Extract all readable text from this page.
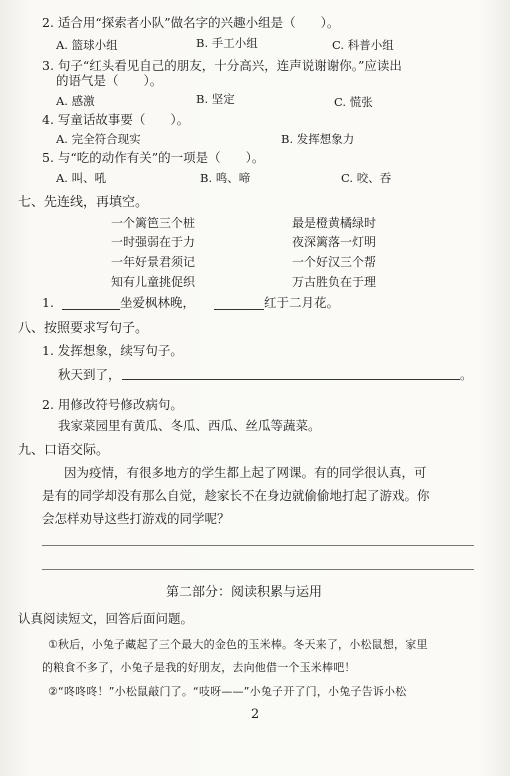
2. 适合用“探索者小队”做名字的兴趣小组是（　　）。
A. 篮球小组	B. 手工小组	C. 科普小组
3. 句子“红头看见自己的朋友，十分高兴，连声说谢谢你。”应读出
的语气是（　　）。
A. 感激	B. 坚定	C. 慌张
4. 写童话故事要（　　）。
A. 完全符合现实	B. 发挥想象力
5. 与“吃的动作有关”的一项是（　　）。
A. 叫、吼	B. 鸣、啼	C. 咬、吞
七、先连线，再填空。
一个篱笆三个桩
一时强弱在于力
一年好景君须记
知有儿童挑促织
最是橙黄橘绿时
夜深篱落一灯明
一个好汉三个帮
万古胜负在于理
1.	坐爱枫林晚，	红于二月花。
八、按照要求写句子。
1. 发挥想象，续写句子。
秋天到了，	。
2. 用修改符号修改病句。
我家菜园里有黄瓜、冬瓜、西瓜、丝瓜等蔬菜。
九、口语交际。
因为疫情，有很多地方的学生都上起了网课。有的同学很认真，可
是有的同学却没有那么自觉，趁家长不在身边就偷偷地打起了游戏。你
会怎样劝导这些打游戏的同学呢？
第二部分：阅读积累与运用
认真阅读短文，回答后面问题。
①秋后，小兔子藏起了三个最大的金色的玉米棒。冬天来了，小松鼠想，家里
的粮食不多了，小兔子是我的好朋友，去向他借一个玉米棒吧！
②“咚咚咚！”小松鼠敲门了。“吱呀——”小兔子开了门，小兔子告诉小松
2
